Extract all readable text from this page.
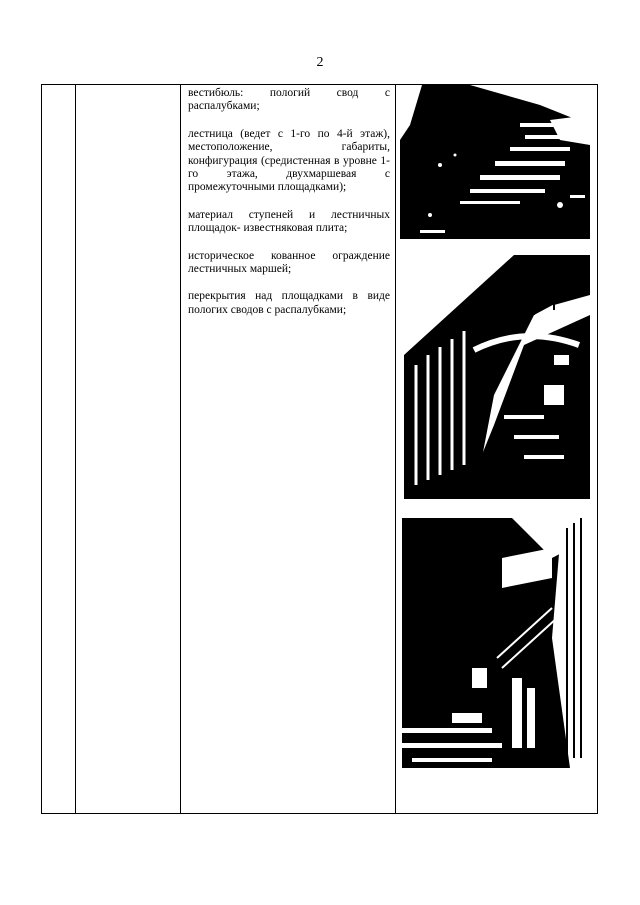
2

вестибюль: пологий свод с распалубками;

лестница (ведет с 1-го по 4-й этаж), местоположение, габариты, конфигурация (средистенная в уровне 1-го этажа, двухмаршевая с промежуточными площадками);

материал ступеней и лестничных площадок- известняковая плита;

историческое кованное ограждение лестничных маршей;

перекрытия над площадками в виде пологих сводов с распалубками;
